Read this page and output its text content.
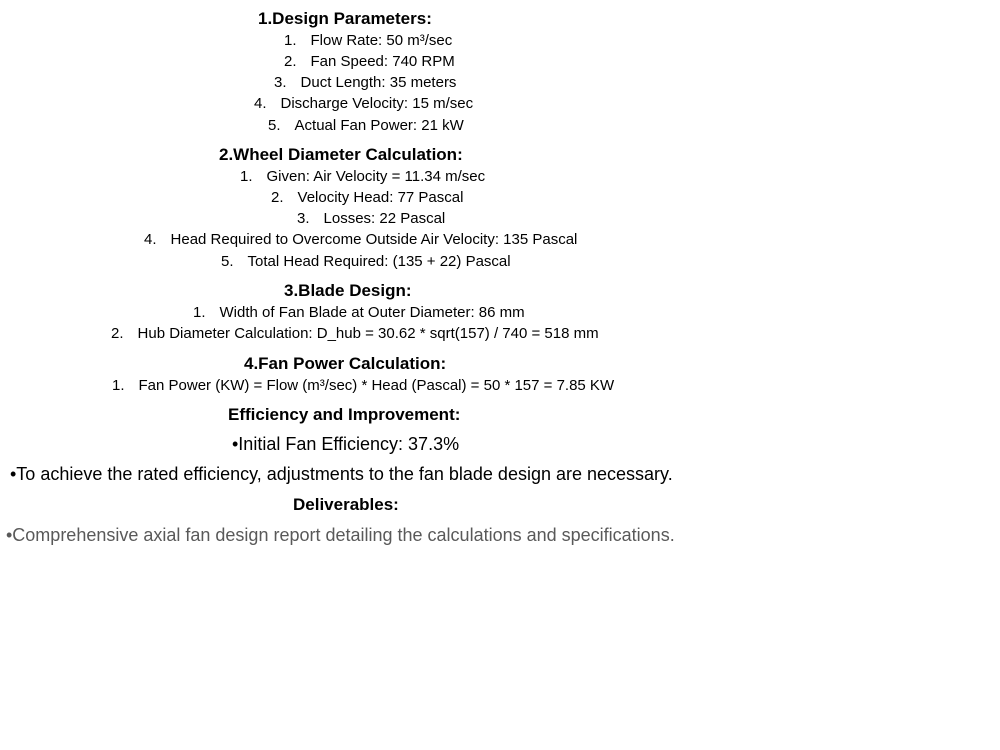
1.Design Parameters:
1. Flow Rate: 50 m³/sec
2. Fan Speed: 740 RPM
3. Duct Length: 35 meters
4. Discharge Velocity: 15 m/sec
5. Actual Fan Power: 21 kW
2.Wheel Diameter Calculation:
1. Given: Air Velocity = 11.34 m/sec
2. Velocity Head: 77 Pascal
3. Losses: 22 Pascal
4. Head Required to Overcome Outside Air Velocity: 135 Pascal
5. Total Head Required: (135 + 22) Pascal
3.Blade Design:
1. Width of Fan Blade at Outer Diameter: 86 mm
2. Hub Diameter Calculation: D_hub = 30.62 * sqrt(157) / 740 = 518 mm
4.Fan Power Calculation:
1. Fan Power (KW) = Flow (m³/sec) * Head (Pascal) = 50 * 157 = 7.85 KW
Efficiency and Improvement:
•Initial Fan Efficiency: 37.3%
•To achieve the rated efficiency, adjustments to the fan blade design are necessary.
Deliverables:
•Comprehensive axial fan design report detailing the calculations and specifications.
